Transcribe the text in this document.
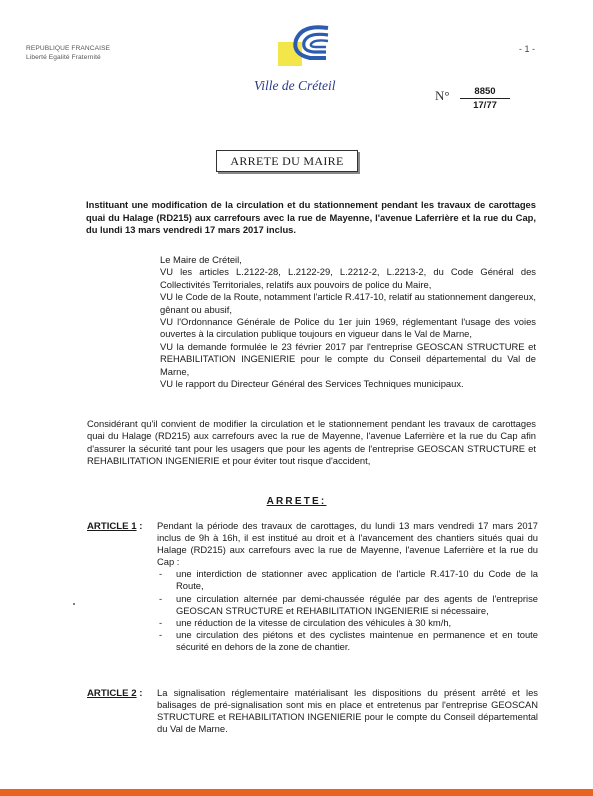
REPUBLIQUE FRANCAISE
Liberté Egalité Fraternité
Ville de Créteil
- 1 -
N°	8850
17/77
ARRETE DU MAIRE
Instituant une modification de la circulation et du stationnement pendant les travaux de carottages quai du Halage (RD215) aux carrefours avec la rue de Mayenne, l'avenue Laferrière et la rue du Cap, du lundi 13 mars vendredi 17 mars 2017 inclus.

Le Maire de Créteil,

VU les articles L.2122-28, L.2122-29, L.2212-2, L.2213-2, du Code Général des Collectivités Territoriales, relatifs aux pouvoirs de police du Maire,

VU le Code de la Route, notamment l'article R.417-10, relatif au stationnement dangereux, gênant ou abusif,

VU l'Ordonnance Générale de Police du 1er juin 1969, réglementant l'usage des voies ouvertes à la circulation publique toujours en vigueur dans le Val de Marne,

VU la demande formulée le 23 février 2017 par l'entreprise GEOSCAN STRUCTURE et REHABILITATION INGENIERIE pour le compte du Conseil départemental du Val de Marne,

VU le rapport du Directeur Général des Services Techniques municipaux.

Considérant qu'il convient de modifier la circulation et le stationnement pendant les travaux de carottages quai du Halage (RD215) aux carrefours avec la rue de Mayenne, l'avenue Laferrière et la rue du Cap afin d'assurer la sécurité tant pour les usagers que pour les agents de l'entreprise GEOSCAN STRUCTURE et REHABILITATION INGENIERIE et pour éviter tout risque d'accident,
ARRETE:
ARTICLE 1 : Pendant la période des travaux de carottages, du lundi 13 mars vendredi 17 mars 2017 inclus de 9h à 16h, il est institué au droit et à l'avancement des chantiers situés quai du Halage (RD215) aux carrefours avec la rue de Mayenne, l'avenue Laferrière et la rue du Cap :

- une interdiction de stationner avec application de l'article R.417-10 du Code de la Route,
- une circulation alternée par demi-chaussée régulée par des agents de l'entreprise GEOSCAN STRUCTURE et REHABILITATION INGENIERIE si nécessaire,
- une réduction de la vitesse de circulation des véhicules à 30 km/h,
- une circulation des piétons et des cyclistes maintenue en permanence et en toute sécurité en dehors de la zone de chantier.
ARTICLE 2 : La signalisation réglementaire matérialisant les dispositions du présent arrêté et les balisages de pré-signalisation sont mis en place et entretenus par l'entreprise GEOSCAN STRUCTURE et REHABILITATION INGENIERIE pour le compte du Conseil départemental du Val de Marne.
